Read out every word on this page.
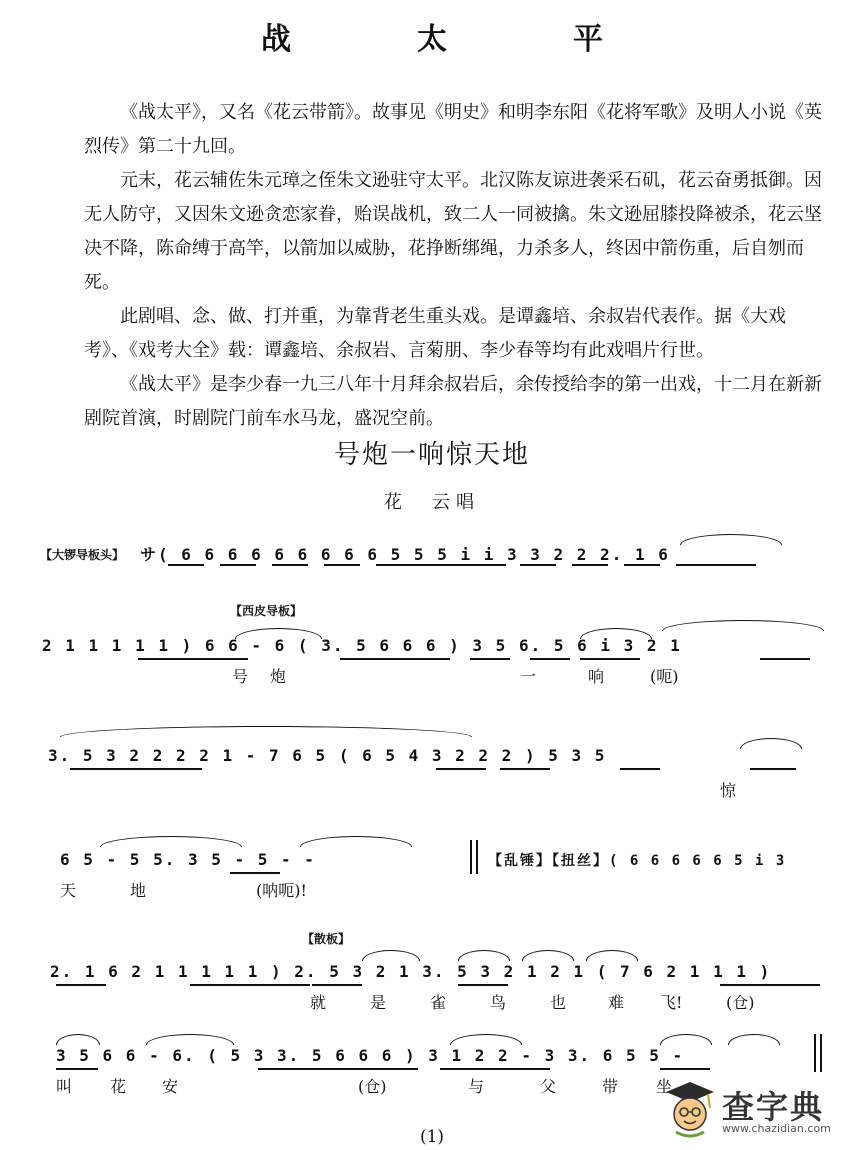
战　太　平

《战太平》，又名《花云带箭》。故事见《明史》和明李东阳《花将军歌》及明人小说《英烈传》第二十九回。

元末，花云辅佐朱元璋之侄朱文逊驻守太平。北汉陈友谅进袭采石矶，花云奋勇抵御。因无人防守，又因朱文逊贪恋家眷，贻误战机，致二人一同被擒。朱文逊屈膝投降被杀，花云坚决不降，陈命缚于高竿，以箭加以威胁，花挣断绑绳，力杀多人，终因中箭伤重，后自刎而死。

此剧唱、念、做、打并重，为靠背老生重头戏。是谭鑫培、余叔岩代表作。据《大戏考》、《戏考大全》载：谭鑫培、余叔岩、言菊朋、李少春等均有此戏唱片行世。

《战太平》是李少春一九三八年十月拜余叔岩后，余传授给李的第一出戏，十二月在新新剧院首演，时剧院门前车水马龙，盛况空前。

号炮一响惊天地
花　云唱
【大锣导板头】 サ( 6 6 6 6 6 6 6 6 6 5 5 5 i i 3 3 2 2 2. 1 6
【西皮导板】
2 1 1 1 1 1 ) 6 6 - 6 ( 3. 5 6 6 6 ) 3 5 6. 5 6 i 3 2 1
号 炮	一	响	(呃)
3. 5 3 2 2 2 2 1 - 7 6 5 ( 6 5 4 3 2 2 2 ) 5 3 5
惊
6 5 - 5 5. 3 5 - 5 - -	【乱锤】【扭丝】( 6 6 6 6 6 5 i 3
天	地	(呐呃)!
【散板】
2. 1 6 2 1 1 1 1 1 ) 2. 5 3 2 1 3. 5 3 2 1 2 1 ( 7 6 2 1 1 1 )
就	是	雀	鸟	也	难 飞!	(仓)
3 5 6 6 - 6. ( 5 3 3. 5 6 6 6 ) 3 1 2 2 - 3 3. 6 5 5 -
叫 花 安	(仓)	与	父	带 坐
(1)
查字典
www.chazidian.com
